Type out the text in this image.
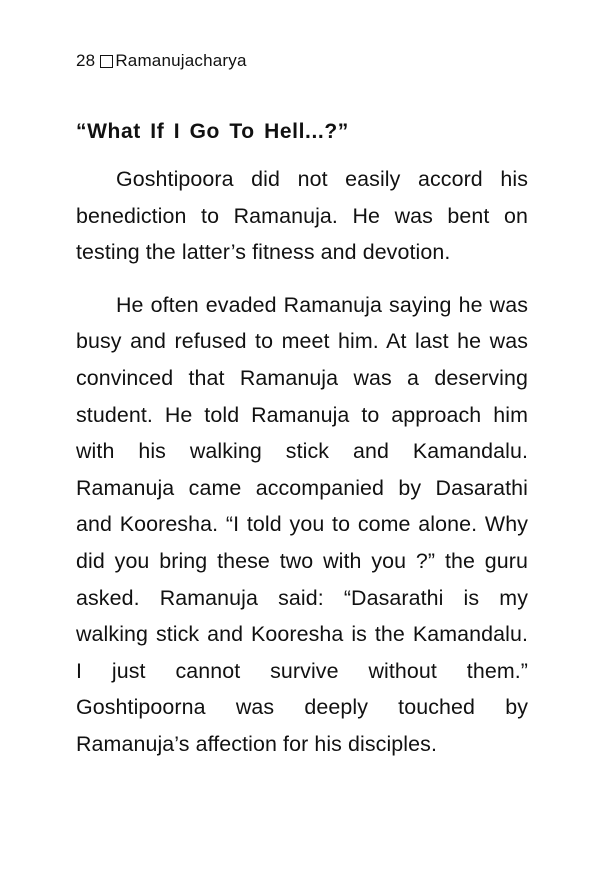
28 Ramanujacharya
“What If I Go To Hell...?”

Goshtipoora did not easily accord his benediction to Ramanuja. He was bent on testing the latter’s fitness and devotion.

He often evaded Ramanuja saying he was busy and refused to meet him. At last he was convinced that Ramanuja was a deserving student. He told Ramanuja to approach him with his walking stick and Kamandalu. Ramanuja came accompanied by Dasarathi and Kooresha. “I told you to come alone. Why did you bring these two with you ?” the guru asked. Ramanuja said: “Dasarathi is my walking stick and Kooresha is the Kamandalu. I just cannot survive without them.” Goshtipoorna was deeply touched by Ramanuja’s affection for his disciples.
